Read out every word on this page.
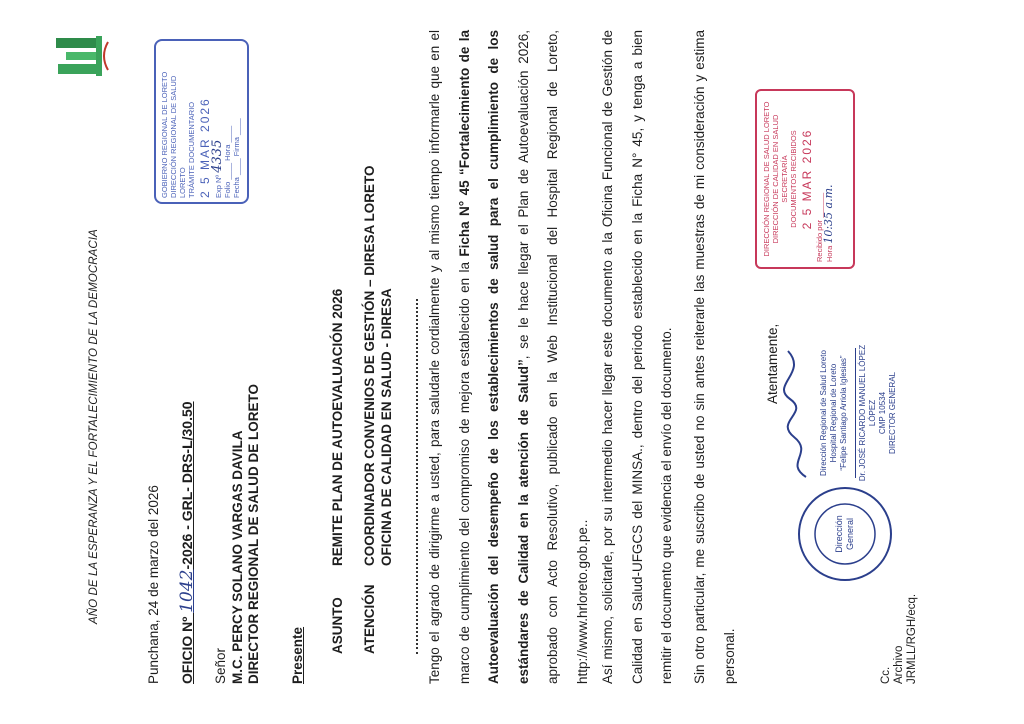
AÑO DE LA ESPERANZA Y EL FORTALECIMIENTO DE LA DEMOCRACIA	Punchana, 24 de marzo del 2026 OFICIO Nº 1042-2026 - GRL- DRS-L/30.50
Señor M.C. PERCY SOLANO VARGAS DAVILA DIRECTOR REGIONAL DE SALUD DE LORETO Presente
ASUNTO
REMITE PLAN DE AUTOEVALUACIÓN 2026
ATENCIÓN
COORDINADOR CONVENIOS DE GESTIÓN – DIRESA LORETO OFICINA DE CALIDAD EN SALUD - DIRESA	Tengo el agrado de dirigirme a usted, para saludarle cordialmente y al mismo tiempo informarle que en el marco de cumplimiento del compromiso de mejora establecido en la Ficha N° 45 “Fortalecimiento de la Autoevaluación del desempeño de los establecimientos de salud para el cumplimiento de los estándares de Calidad en la atención de Salud”, se le hace llegar el Plan de Autoevaluación 2026, aprobado con Acto Resolutivo, publicado en la Web Institucional del Hospital Regional de Loreto, http://www.hrloreto.gob.pe.. Así mismo, solicitarle, por su intermedio hacer llegar este documento a la Oficina Funcional de Gestión de Calidad en Salud-UFGCS del MINSA., dentro del periodo establecido en la Ficha N° 45, y tenga a bien remitir el documento que evidencia el envío del documento.	Sin otro particular, me suscribo de usted no sin antes reiterarle las muestras de mi consideración y estima personal.
Atentamente,
Cc.
Archivo
JRMLL/RGH/ecq.
Dirección General
Dirección Regional de Salud Loreto Hospital Regional de Loreto “Felipe Santiago Arriola Iglesias” Dr. JOSÉ RICARDO MANUEL LÓPEZ LÓPEZ CMP 10534 DIRECTOR GENERAL
GOBIERNO REGIONAL DE LORETO DIRECCIÓN REGIONAL DE SALUD LORETO TRÁMITE DOCUMENTARIO 2 5 MAR 2026 Exp Nº 4335
Folio ____ Hora ____
Fecha ____ Firma ____	DIRECCIÓN REGIONAL DE SALUD LORETO DIRECCIÓN DE CALIDAD EN SALUD SECRETARÍA DOCUMENTOS RECIBIDOS 2 5 MAR 2026
Recibido por ______
Hora 10:35 a.m.
